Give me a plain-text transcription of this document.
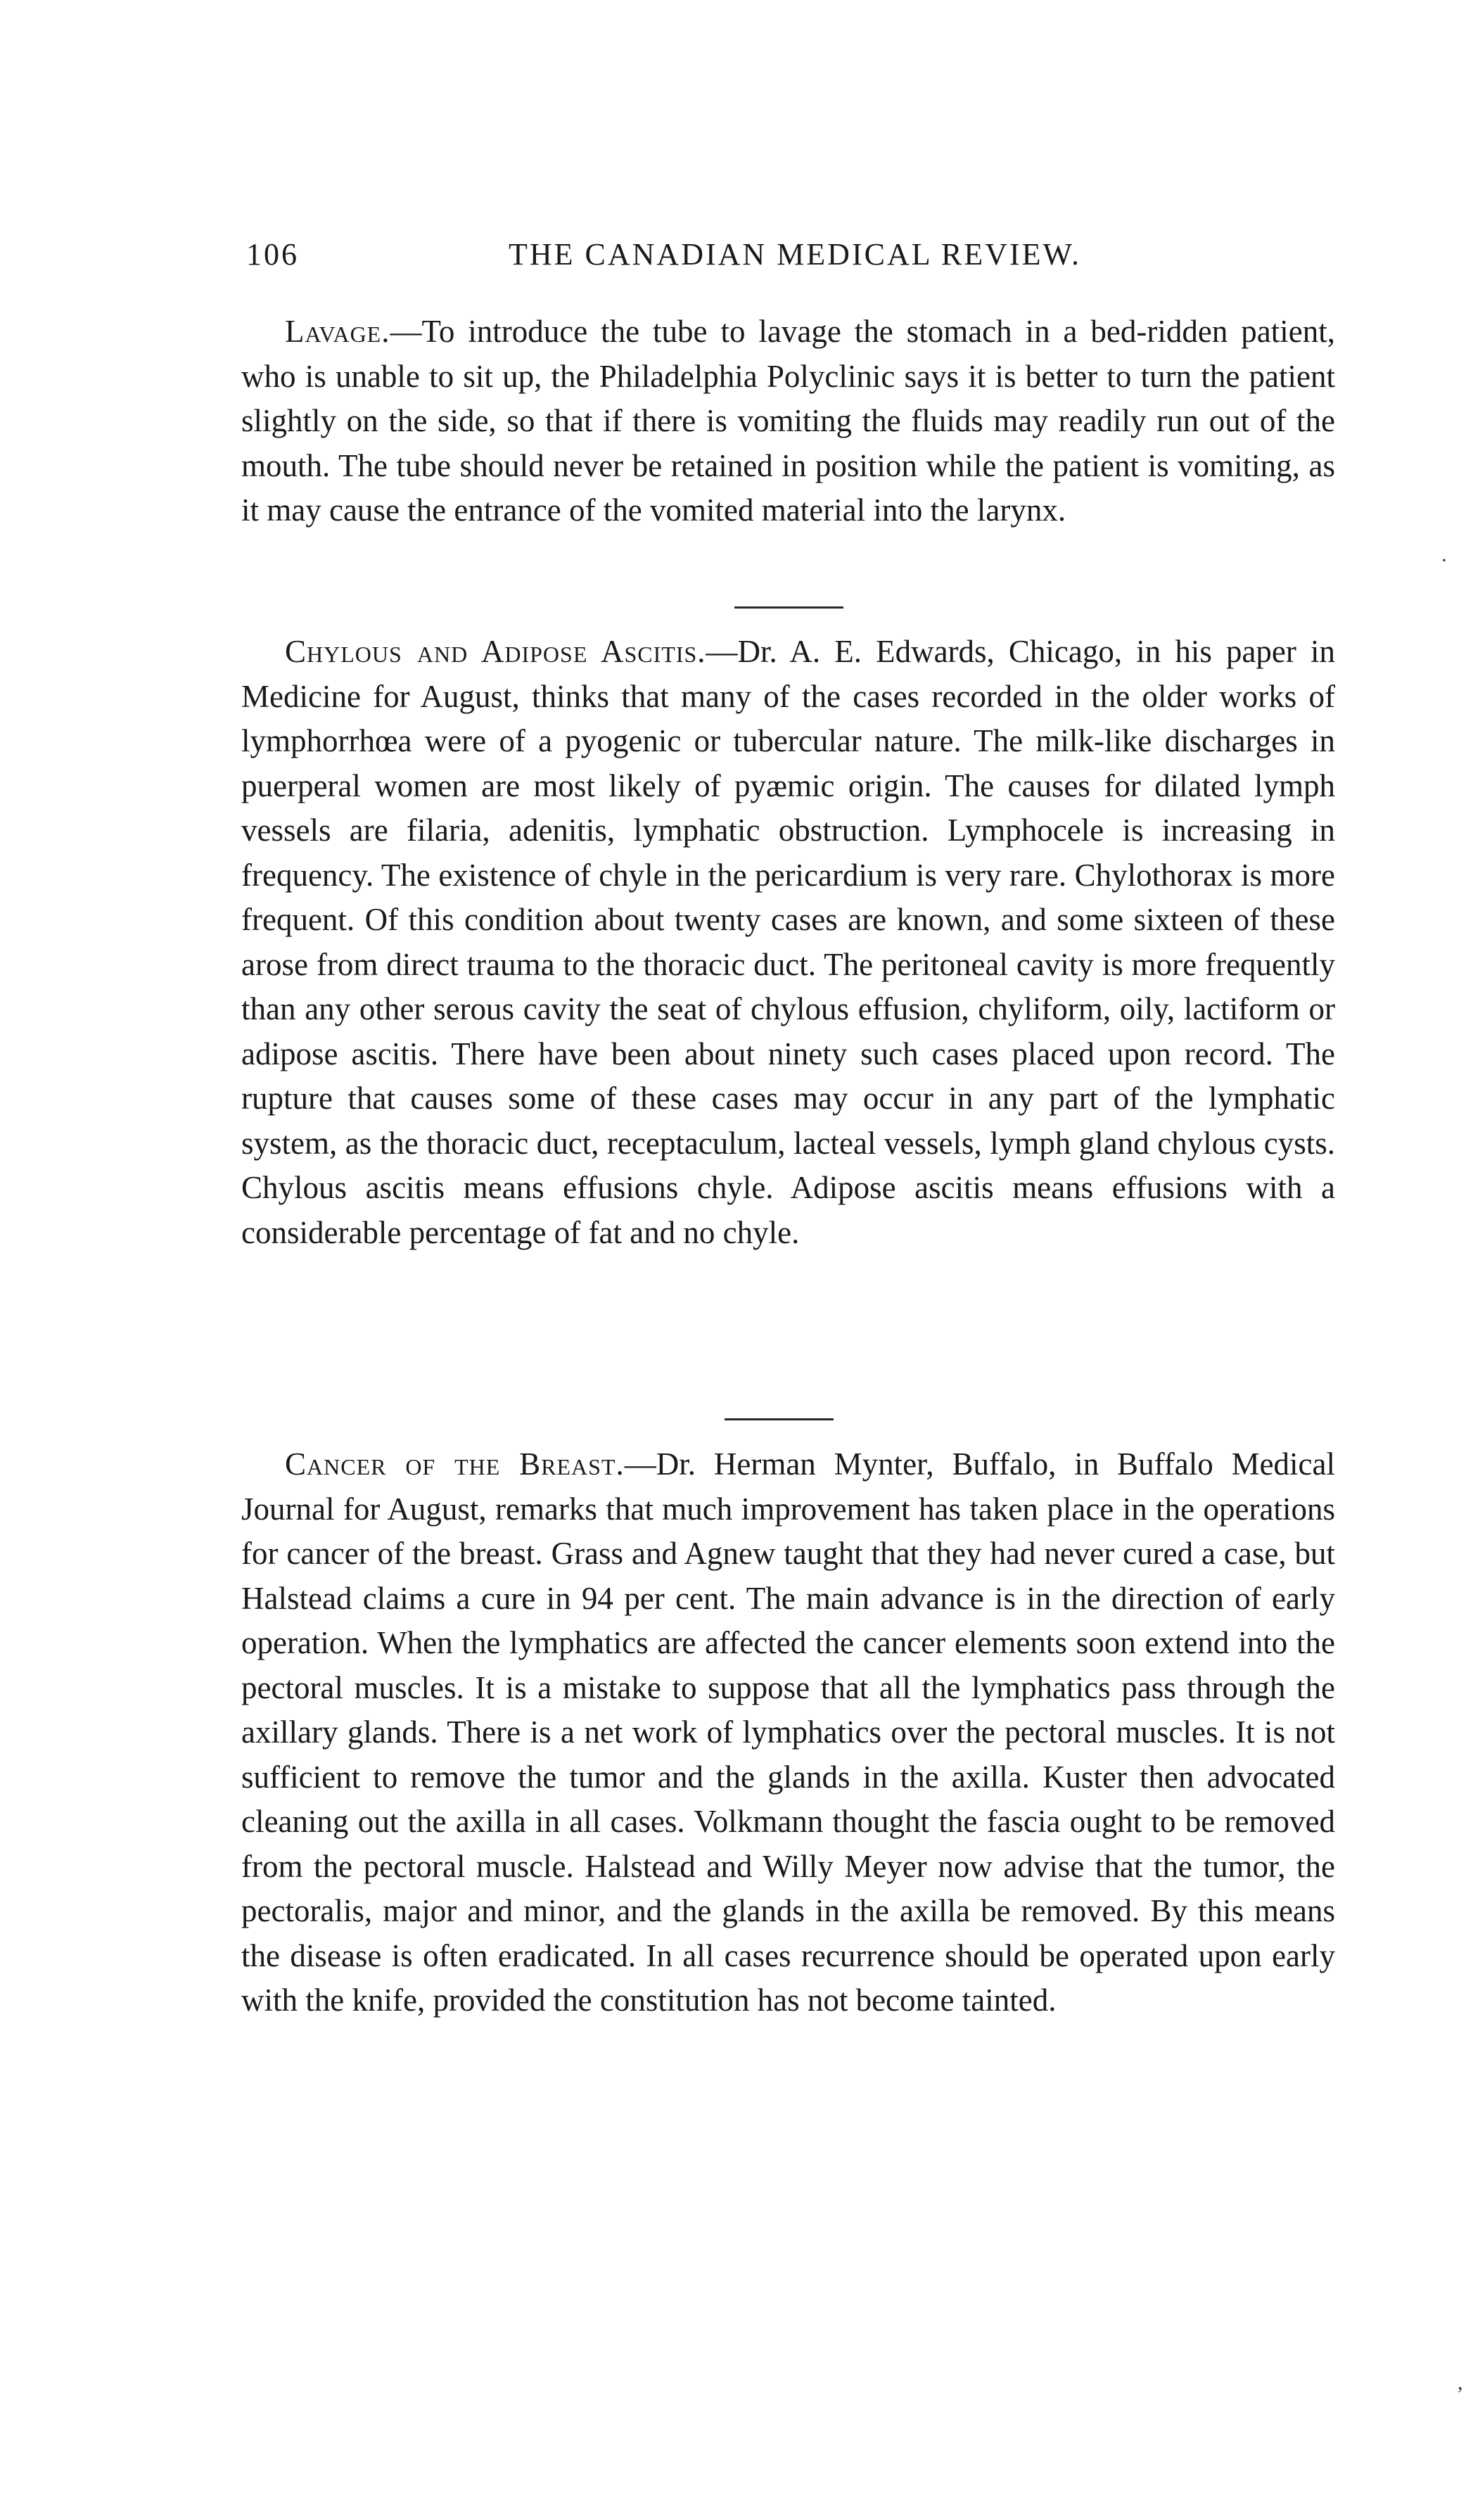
106	THE CANADIAN MEDICAL REVIEW.

Lavage.—To introduce the tube to lavage the stomach in a bed-ridden patient, who is unable to sit up, the Philadelphia Polyclinic says it is better to turn the patient slightly on the side, so that if there is vomiting the fluids may readily run out of the mouth. The tube should never be retained in position while the patient is vomiting, as it may cause the entrance of the vomited material into the larynx.

Chylous and Adipose Ascitis.—Dr. A. E. Edwards, Chicago, in his paper in Medicine for August, thinks that many of the cases recorded in the older works of lymphorrhœa were of a pyogenic or tubercular nature. The milk-like discharges in puerperal women are most likely of pyæmic origin. The causes for dilated lymph vessels are filaria, adenitis, lymphatic obstruction. Lymphocele is increasing in frequency. The existence of chyle in the pericardium is very rare. Chylothorax is more frequent. Of this condition about twenty cases are known, and some sixteen of these arose from direct trauma to the thoracic duct. The peritoneal cavity is more frequently than any other serous cavity the seat of chylous effusion, chyliform, oily, lactiform or adipose ascitis. There have been about ninety such cases placed upon record. The rupture that causes some of these cases may occur in any part of the lymphatic system, as the thoracic duct, receptaculum, lacteal vessels, lymph gland chylous cysts. Chylous ascitis means effusions chyle. Adipose ascitis means effusions with a considerable percentage of fat and no chyle.

Cancer of the Breast.—Dr. Herman Mynter, Buffalo, in Buffalo Medical Journal for August, remarks that much improvement has taken place in the operations for cancer of the breast. Grass and Agnew taught that they had never cured a case, but Halstead claims a cure in 94 per cent. The main advance is in the direction of early operation. When the lymphatics are affected the cancer elements soon extend into the pectoral muscles. It is a mistake to suppose that all the lymphatics pass through the axillary glands. There is a net work of lymphatics over the pectoral muscles. It is not sufficient to remove the tumor and the glands in the axilla. Kuster then advocated cleaning out the axilla in all cases. Volkmann thought the fascia ought to be removed from the pectoral muscle. Halstead and Willy Meyer now advise that the tumor, the pectoralis, major and minor, and the glands in the axilla be removed. By this means the disease is often eradicated. In all cases recurrence should be operated upon early with the knife, provided the constitution has not become tainted.

·
,
